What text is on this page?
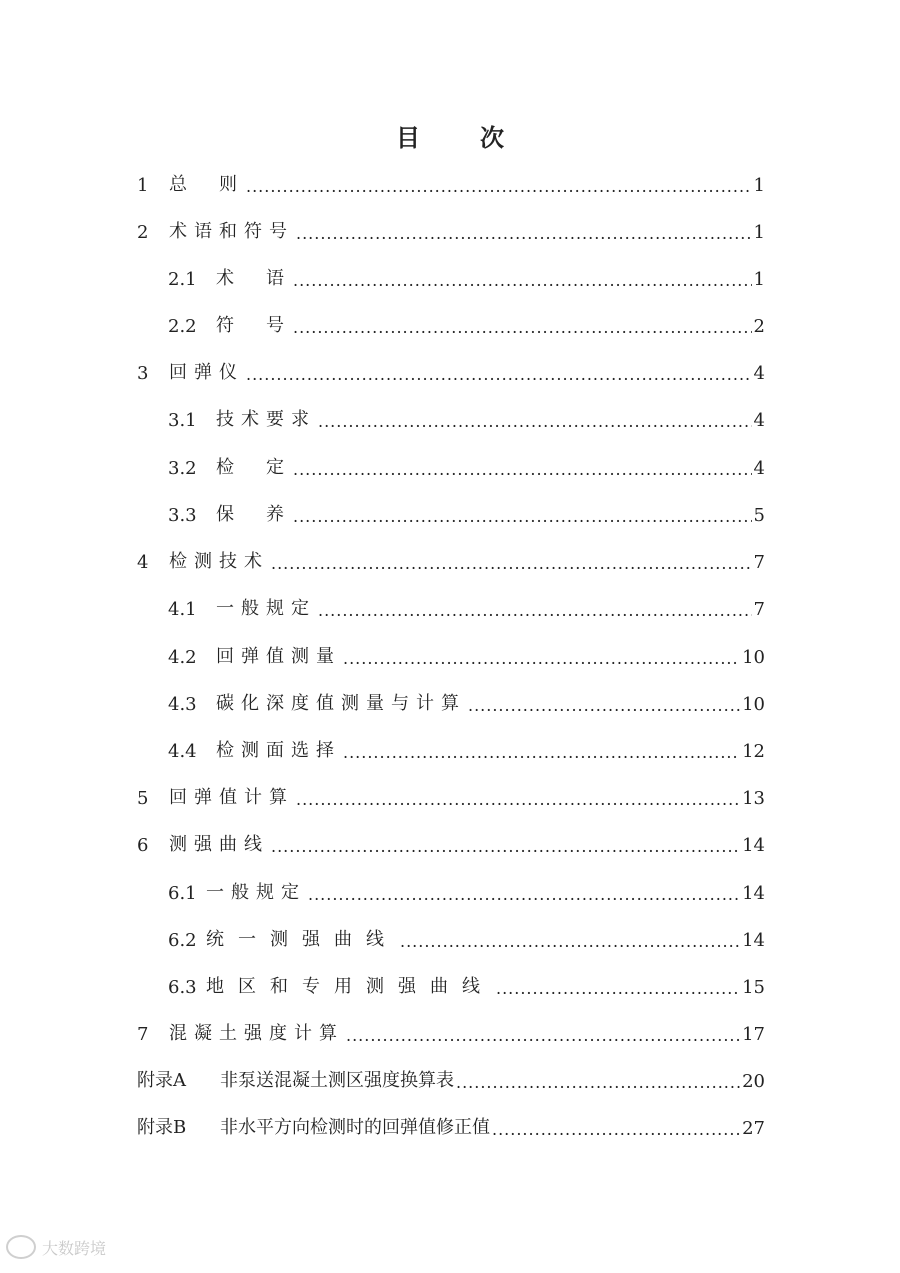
目　次
1	总　则 .....	1
2	术语和符号 .....	1
2.1	术　语 .....	1
2.2	符　号 .....	2
3	回弹仪 .....	4
3.1	技术要求 .....	4
3.2	检　定 .....	4
3.3	保　养 .....	5
4	检测技术 .....	7
4.1	一般规定 .....	7
4.2	回弹值测量 .....	10
4.3	碳化深度值测量与计算 .....	10
4.4	检测面选择 .....	12
5	回弹值计算 .....	13
6	测强曲线 .....	14
6.1 一般规定 .....	14
6.2 统一测强曲线 .....	14
6.3 地区和专用测强曲线 .....	15
7	混凝土强度计算 .....	17
附录A	非泵送混凝土测区强度换算表 .....	20
附录B	非水平方向检测时的回弹值修正值 .....	27
大数跨境
